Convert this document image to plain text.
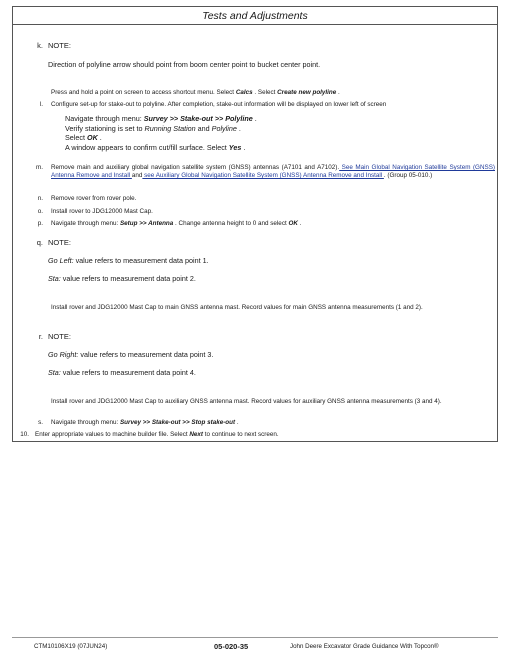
Tests and Adjustments
k. NOTE:
Direction of polyline arrow should point from boom center point to bucket center point.
Press and hold a point on screen to access shortcut menu. Select Calcs . Select Create new polyline .
l. Configure set-up for stake-out to polyline. After completion, stake-out information will be displayed on lower left of screen
Navigate through menu: Survey >> Stake-out >> Polyline .
Verify stationing is set to Running Station and Polyline .
Select OK .
A window appears to confirm cut/fill surface. Select Yes .
m. Remove main and auxiliary global navigation satellite system (GNSS) antennas (A7101 and A7102). See Main Global Navigation Satellite System (GNSS) Antenna Remove and Install and see Auxiliary Global Navigation Satellite System (GNSS) Antenna Remove and Install . (Group 05-010.)
n. Remove rover from rover pole.
o. Install rover to JDG12000 Mast Cap.
p. Navigate through menu: Setup >> Antenna . Change antenna height to 0 and select OK .
q. NOTE:
Go Left: value refers to measurement data point 1.
Sta: value refers to measurement data point 2.
Install rover and JDG12000 Mast Cap to main GNSS antenna mast. Record values for main GNSS antenna measurements (1 and 2).
r. NOTE:
Go Right: value refers to measurement data point 3.
Sta: value refers to measurement data point 4.
Install rover and JDG12000 Mast Cap to auxiliary GNSS antenna mast. Record values for auxiliary GNSS antenna measurements (3 and 4).
s. Navigate through menu: Survey >> Stake-out >> Stop stake-out .
10. Enter appropriate values to machine builder file. Select Next to continue to next screen.
CTM10106X19 (07JUN24)	05-020-35	John Deere Excavator Grade Guidance With Topcon®
